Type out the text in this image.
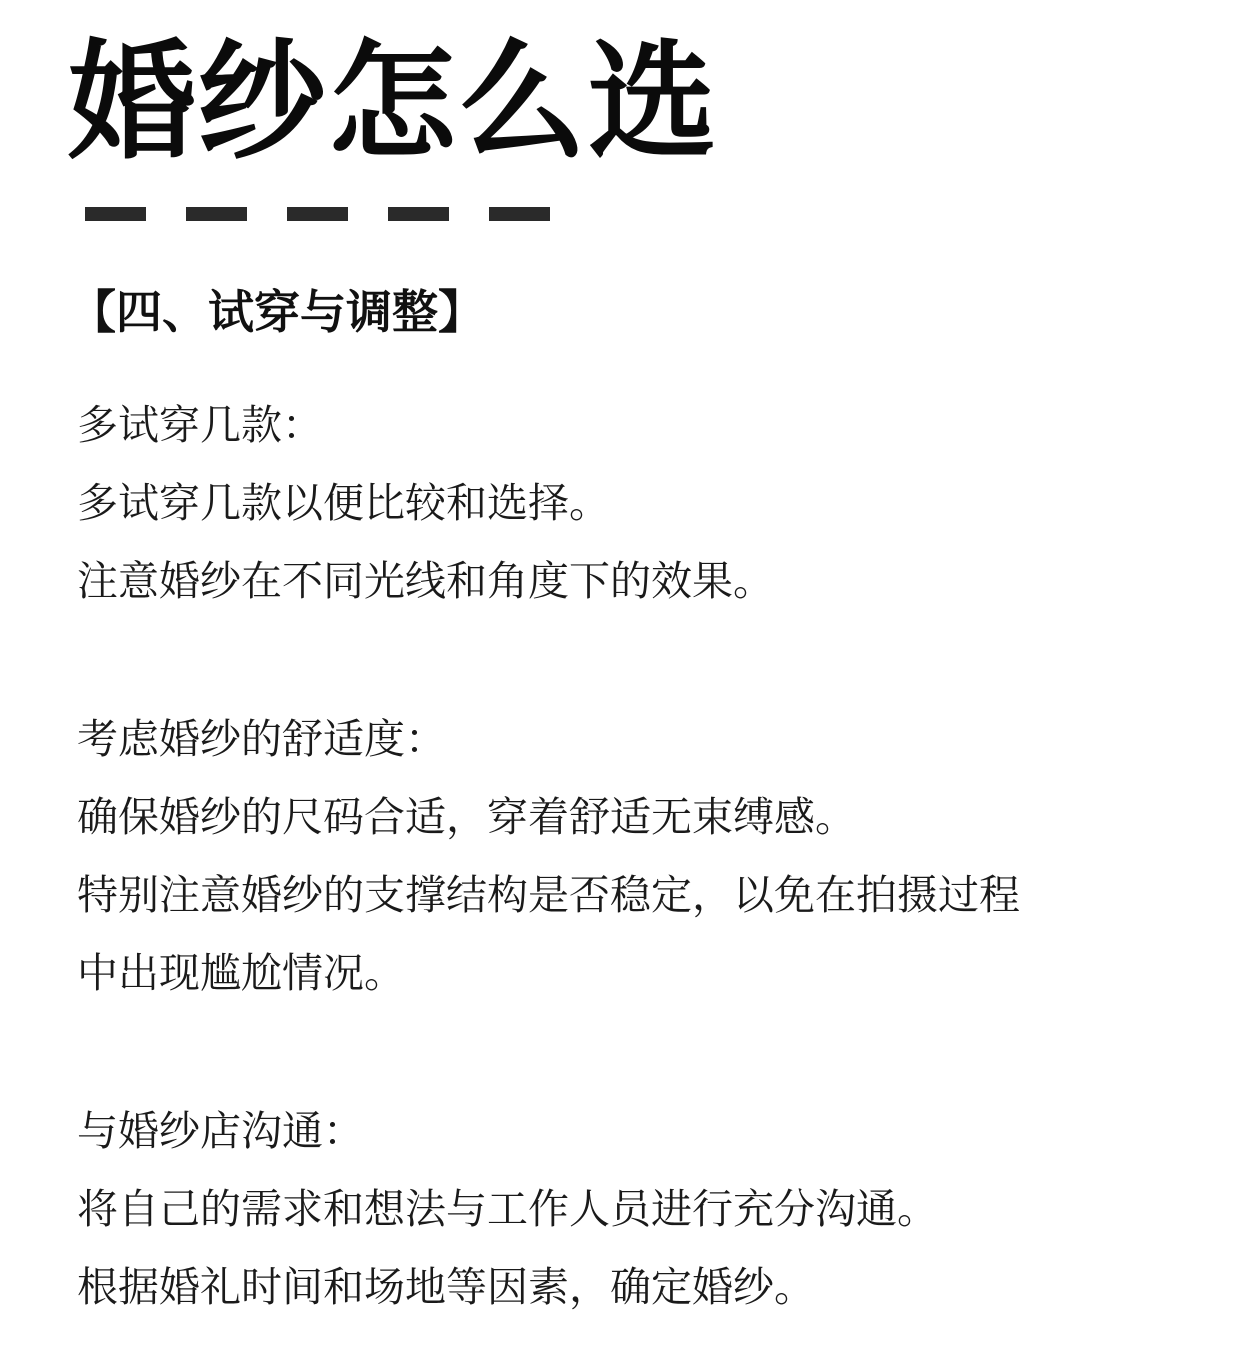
婚纱怎么选
【四、试穿与调整】
多试穿几款：
多试穿几款以便比较和选择。
注意婚纱在不同光线和角度下的效果。
考虑婚纱的舒适度：
确保婚纱的尺码合适，穿着舒适无束缚感。
特别注意婚纱的支撑结构是否稳定，以免在拍摄过程
中出现尴尬情况。
与婚纱店沟通：
将自己的需求和想法与工作人员进行充分沟通。
根据婚礼时间和场地等因素，确定婚纱。
